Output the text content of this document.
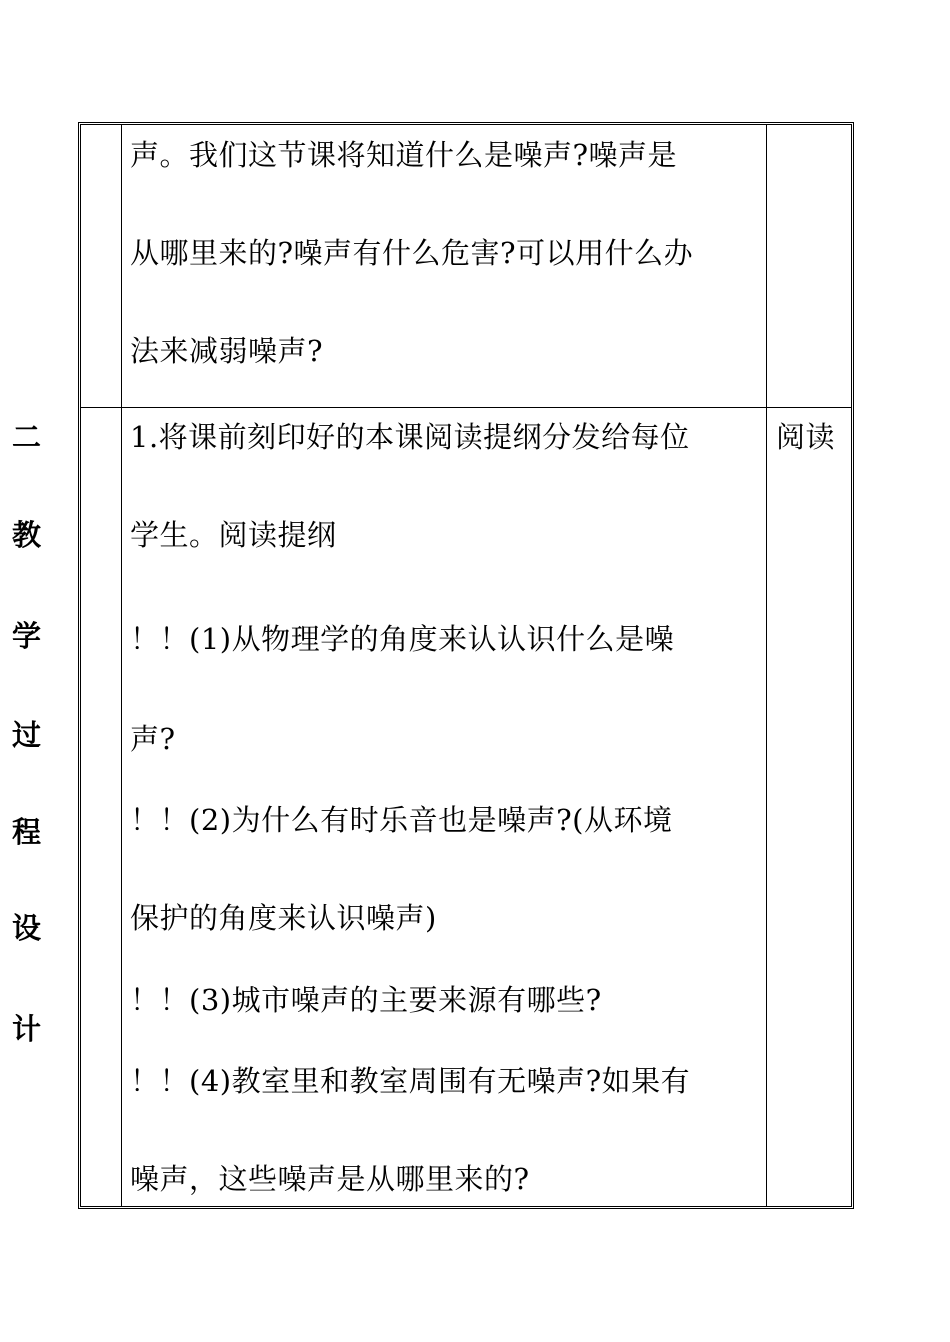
声。我们这节课将知道什么是噪声?噪声是
从哪里来的?噪声有什么危害?可以用什么办
法来减弱噪声?
二
教
学
过
程
设
计
1.将课前刻印好的本课阅读提纲分发给每位
学生。阅读提纲
！！(1)从物理学的角度来认认识什么是噪
声?
！！(2)为什么有时乐音也是噪声?(从环境
保护的角度来认识噪声)
！！(3)城市噪声的主要来源有哪些?
！！(4)教室里和教室周围有无噪声?如果有
噪声，这些噪声是从哪里来的?
阅读
